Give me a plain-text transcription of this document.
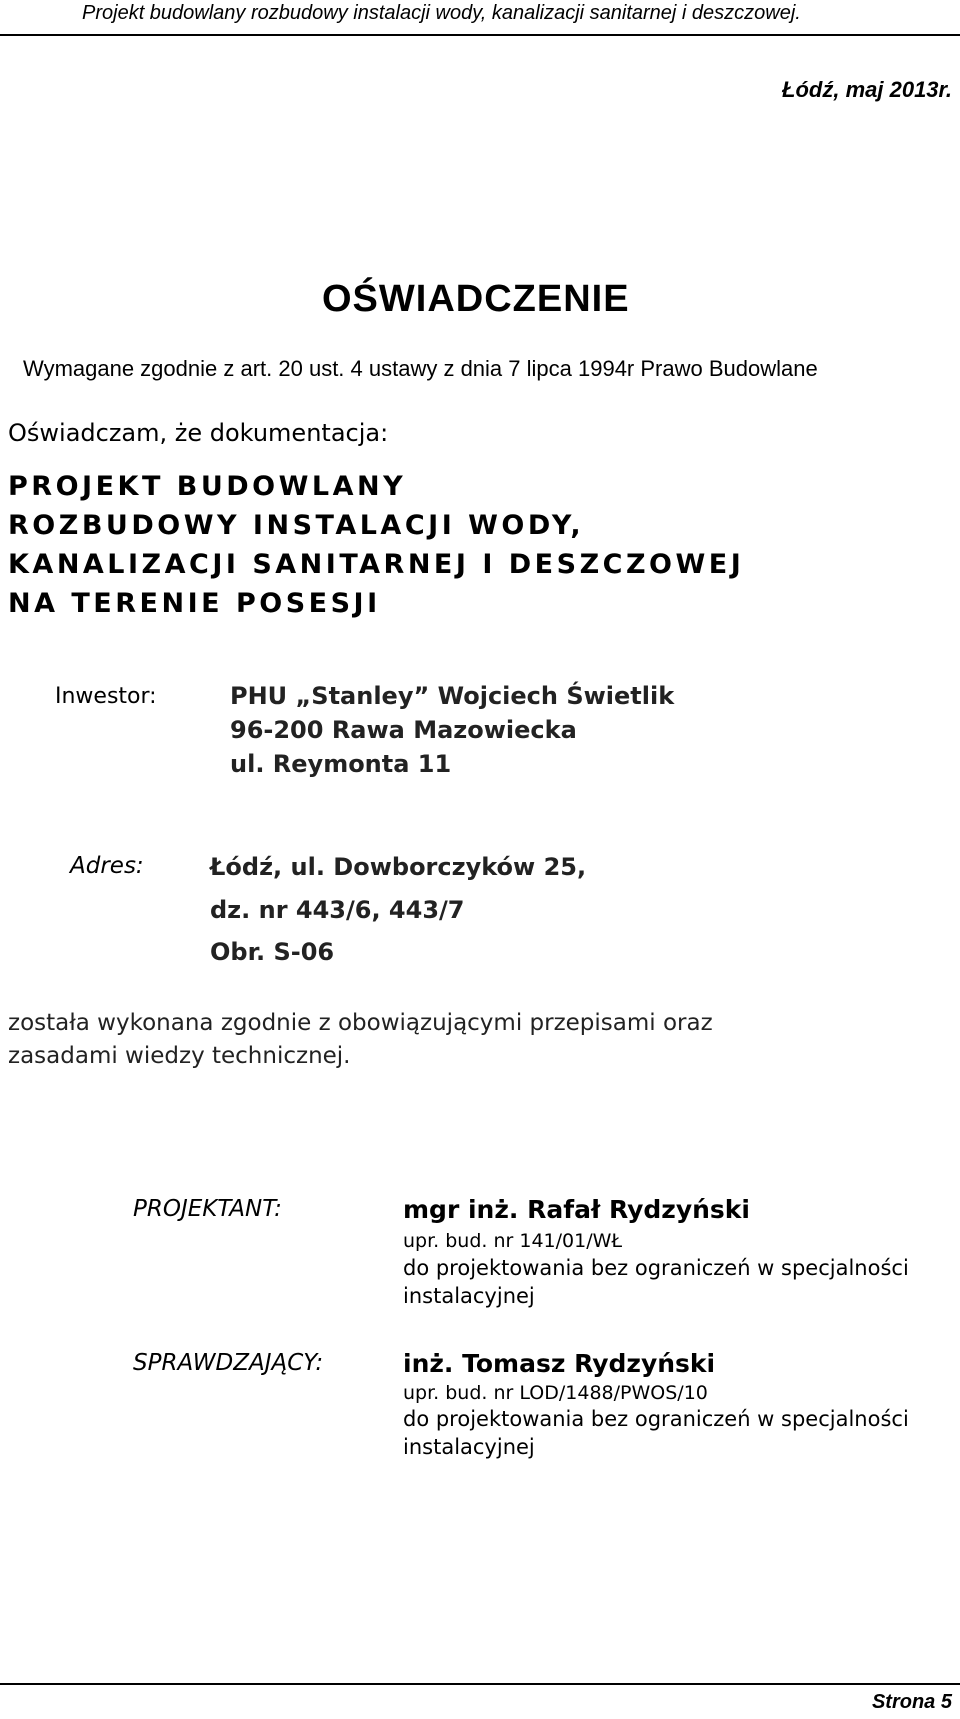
Projekt budowlany rozbudowy instalacji wody, kanalizacji sanitarnej i deszczowej.
Łódź, maj 2013r.
OŚWIADCZENIE
Wymagane zgodnie z art. 20 ust. 4 ustawy z dnia 7 lipca 1994r Prawo Budowlane
Oświadczam, że dokumentacja:
PROJEKT BUDOWLANY
ROZBUDOWY INSTALACJI WODY,
KANALIZACJI SANITARNEJ I DESZCZOWEJ
NA TERENIE POSESJI
Inwestor:	PHU „Stanley” Wojciech Świetlik
96-200 Rawa Mazowiecka
ul. Reymonta 11
Adres:	Łódź, ul. Dowborczyków 25,
dz. nr 443/6, 443/7
Obr. S-06
została wykonana zgodnie z obowiązującymi przepisami oraz
zasadami wiedzy technicznej.
PROJEKTANT:	mgr inż. Rafał Rydzyński
upr. bud. nr 141/01/WŁ
do projektowania bez ograniczeń w specjalności
instalacyjnej
SPRAWDZAJĄCY:	inż. Tomasz Rydzyński
upr. bud. nr LOD/1488/PWOS/10
do projektowania bez ograniczeń w specjalności
instalacyjnej
Strona 5
